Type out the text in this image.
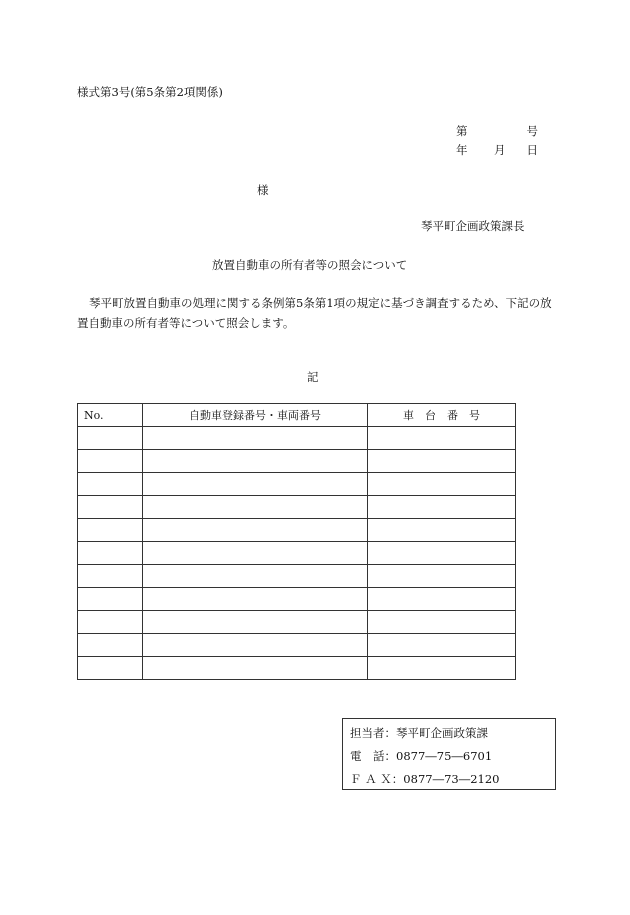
様式第3号(第5条第2項関係)
第	号
年 月 日
様
琴平町企画政策課長
放置自動車の所有者等の照会について
琴平町放置自動車の処理に関する条例第5条第1項の規定に基づき調査するため、下記の放置自動車の所有者等について照会します。
記
No.	自動車登録番号・車両番号	車　台　番　号

担当者：琴平町企画政策課
電　話：0877―75―6701
Ｆ Ａ Ｘ：0877―73―2120
